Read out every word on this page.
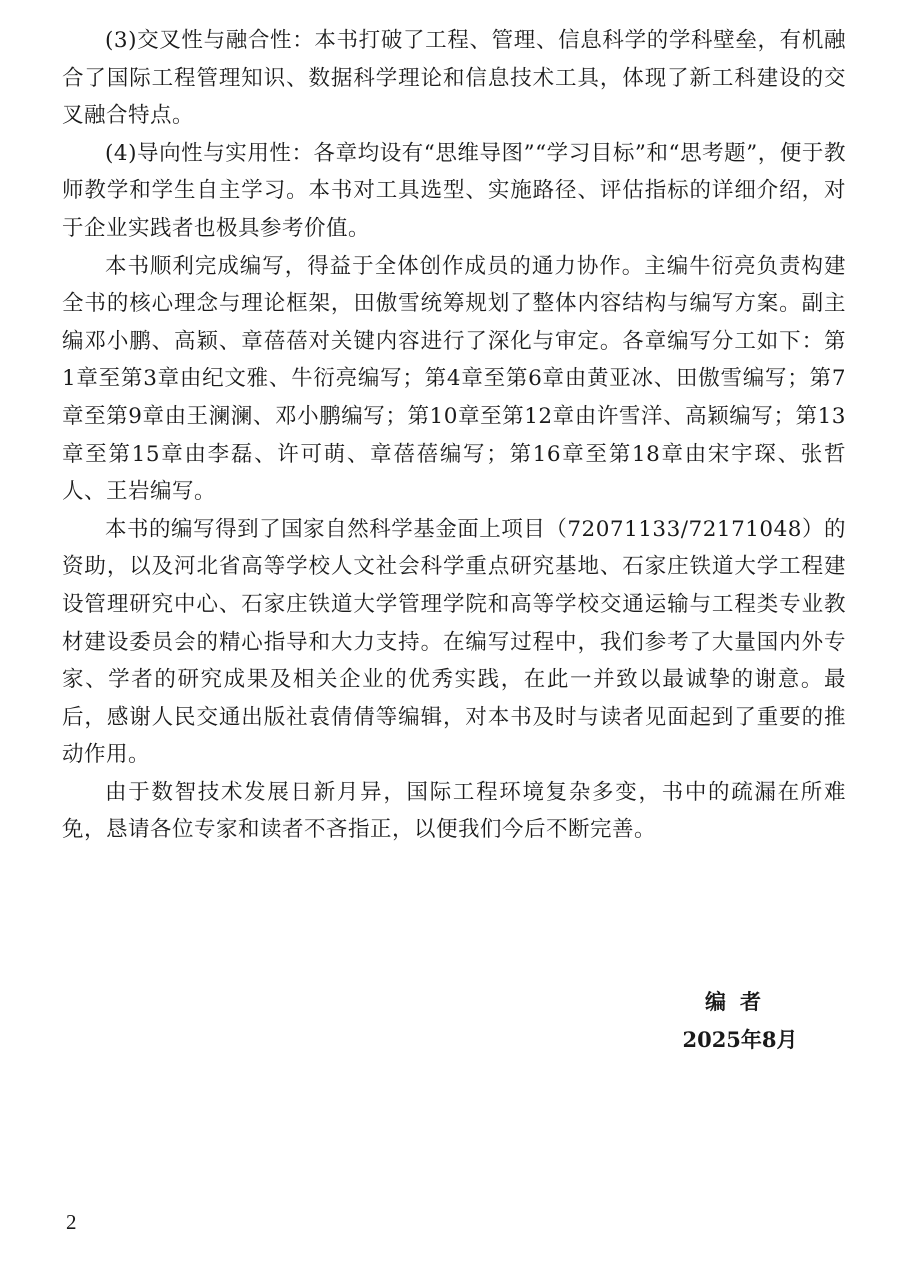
(3)交叉性与融合性：本书打破了工程、管理、信息科学的学科壁垒，有机融合了国际工程管理知识、数据科学理论和信息技术工具，体现了新工科建设的交叉融合特点。

(4)导向性与实用性：各章均设有“思维导图”“学习目标”和“思考题”，便于教师教学和学生自主学习。本书对工具选型、实施路径、评估指标的详细介绍，对于企业实践者也极具参考价值。

本书顺利完成编写，得益于全体创作成员的通力协作。主编牛衍亮负责构建全书的核心理念与理论框架，田傲雪统筹规划了整体内容结构与编写方案。副主编邓小鹏、高颖、章蓓蓓对关键内容进行了深化与审定。各章编写分工如下：第1章至第3章由纪文雅、牛衍亮编写；第4章至第6章由黄亚冰、田傲雪编写；第7章至第9章由王澜澜、邓小鹏编写；第10章至第12章由许雪洋、高颖编写；第13章至第15章由李磊、许可萌、章蓓蓓编写；第16章至第18章由宋宇琛、张哲人、王岩编写。

本书的编写得到了国家自然科学基金面上项目（72071133/72171048）的资助，以及河北省高等学校人文社会科学重点研究基地、石家庄铁道大学工程建设管理研究中心、石家庄铁道大学管理学院和高等学校交通运输与工程类专业教材建设委员会的精心指导和大力支持。在编写过程中，我们参考了大量国内外专家、学者的研究成果及相关企业的优秀实践，在此一并致以最诚挚的谢意。最后，感谢人民交通出版社袁倩倩等编辑，对本书及时与读者见面起到了重要的推动作用。

由于数智技术发展日新月异，国际工程环境复杂多变，书中的疏漏在所难免，恳请各位专家和读者不吝指正，以便我们今后不断完善。

编者
2025年8月
2
